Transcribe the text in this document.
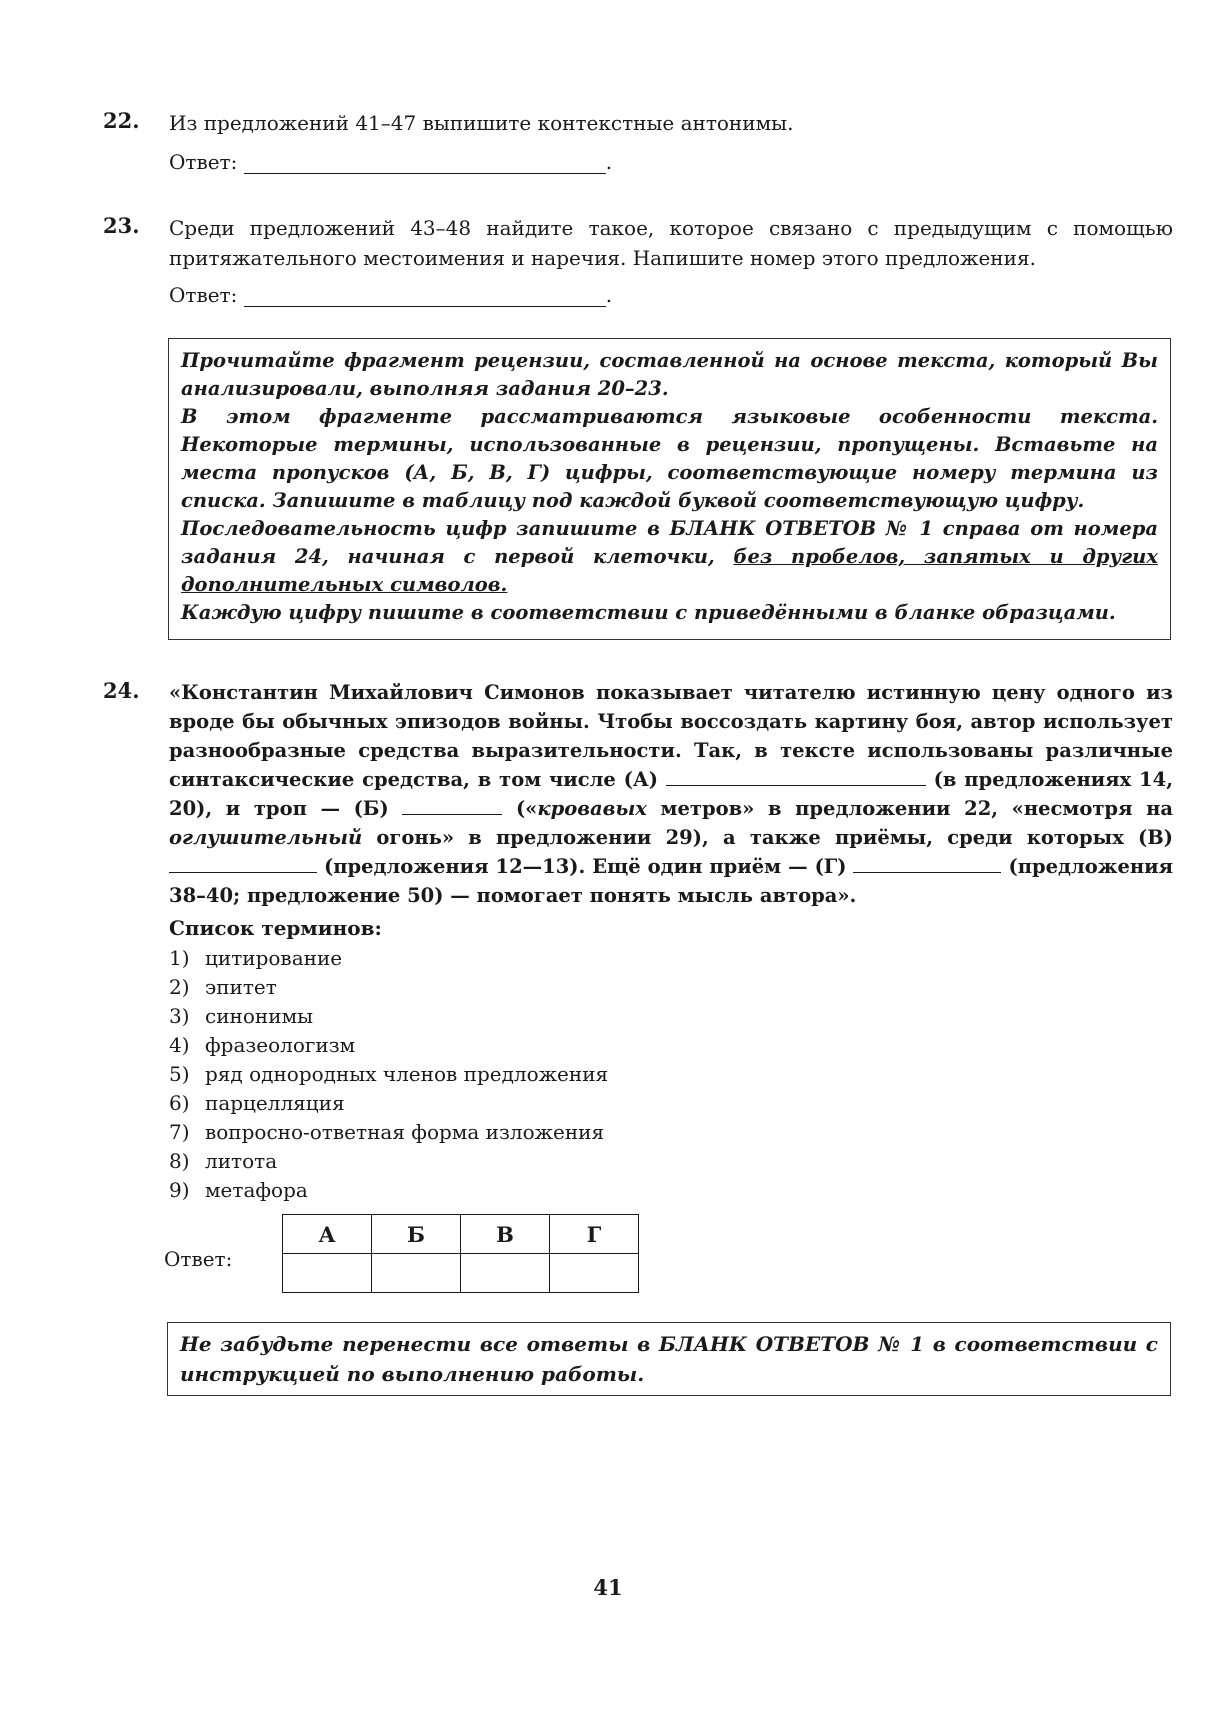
22. Из предложений 41–47 выпишите контекстные антонимы.
Ответ:	.
23. Среди предложений 43–48 найдите такое, которое связано с предыдущим с помощью притяжательного местоимения и наречия. Напишите номер этого предложения.
Ответ:	.
Прочитайте фрагмент рецензии, составленной на основе текста, который Вы анализировали, выполняя задания 20–23.
В этом фрагменте рассматриваются языковые особенности текста. Некоторые термины, использованные в рецензии, пропущены. Вставьте на места пропусков (А, Б, В, Г) цифры, соответствующие номеру термина из списка. Запишите в таблицу под каждой буквой соответствующую цифру.
Последовательность цифр запишите в БЛАНК ОТВЕТОВ № 1 справа от номера задания 24, начиная с первой клеточки, без пробелов, запятых и других дополнительных символов.
Каждую цифру пишите в соответствии с приведёнными в бланке образцами.
24. «Константин Михайлович Симонов показывает читателю истинную цену одного из вроде бы обычных эпизодов войны. Чтобы воссоздать картину боя, автор использует разнообразные средства выразительности. Так, в тексте использованы различные синтаксические средства, в том числе (А)	(в предложениях 14, 20), и троп — (Б)	(«кровавых метров» в предложении 22, «несмотря на оглушительный огонь» в предложении 29), а также приёмы, среди которых (В)  (предложения 12—13). Ещё один приём — (Г)	(предложения 38–40; предложение 50) — помогает понять мысль автора».
Список терминов:
1) цитирование
2) эпитет
3) синонимы
4) фразеологизм
5) ряд однородных членов предложения
6) парцелляция
7) вопросно-ответная форма изложения
8) литота
9) метафора
Ответ:
А	Б	В	Г

Не забудьте перенести все ответы в БЛАНК ОТВЕТОВ № 1 в соответствии с инструкцией по выполнению работы.
41
